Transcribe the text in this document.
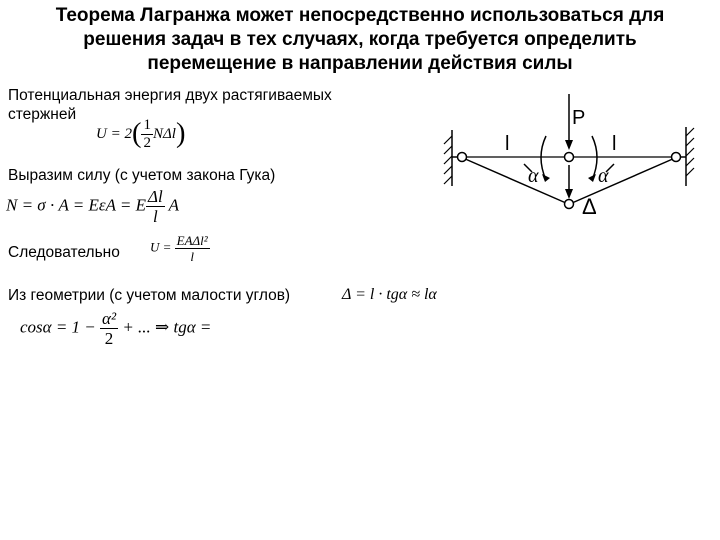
Теорема Лагранжа может непосредственно использоваться для
решения задач в тех случаях, когда требуется определить
перемещение в направлении действия силы
Потенциальная энергия двух растягиваемых
стержней
$U = 2( \frac{1}{2} N\Delta l)$
Выразим силу (с учетом закона Гука)
N = σ · A = EεA = E $\frac{\Delta l}{l}$ A
Следовательно $U = \frac{\text{EAΔl²}}{l}$
Из геометрии (с учетом малости углов)	Δ = l · tgα ≈ lα
$\cos\alpha = 1 - \frac{\text{α²}}{2}$ + ... ⇒ tgα =
P
l	l
Δ
α	α
